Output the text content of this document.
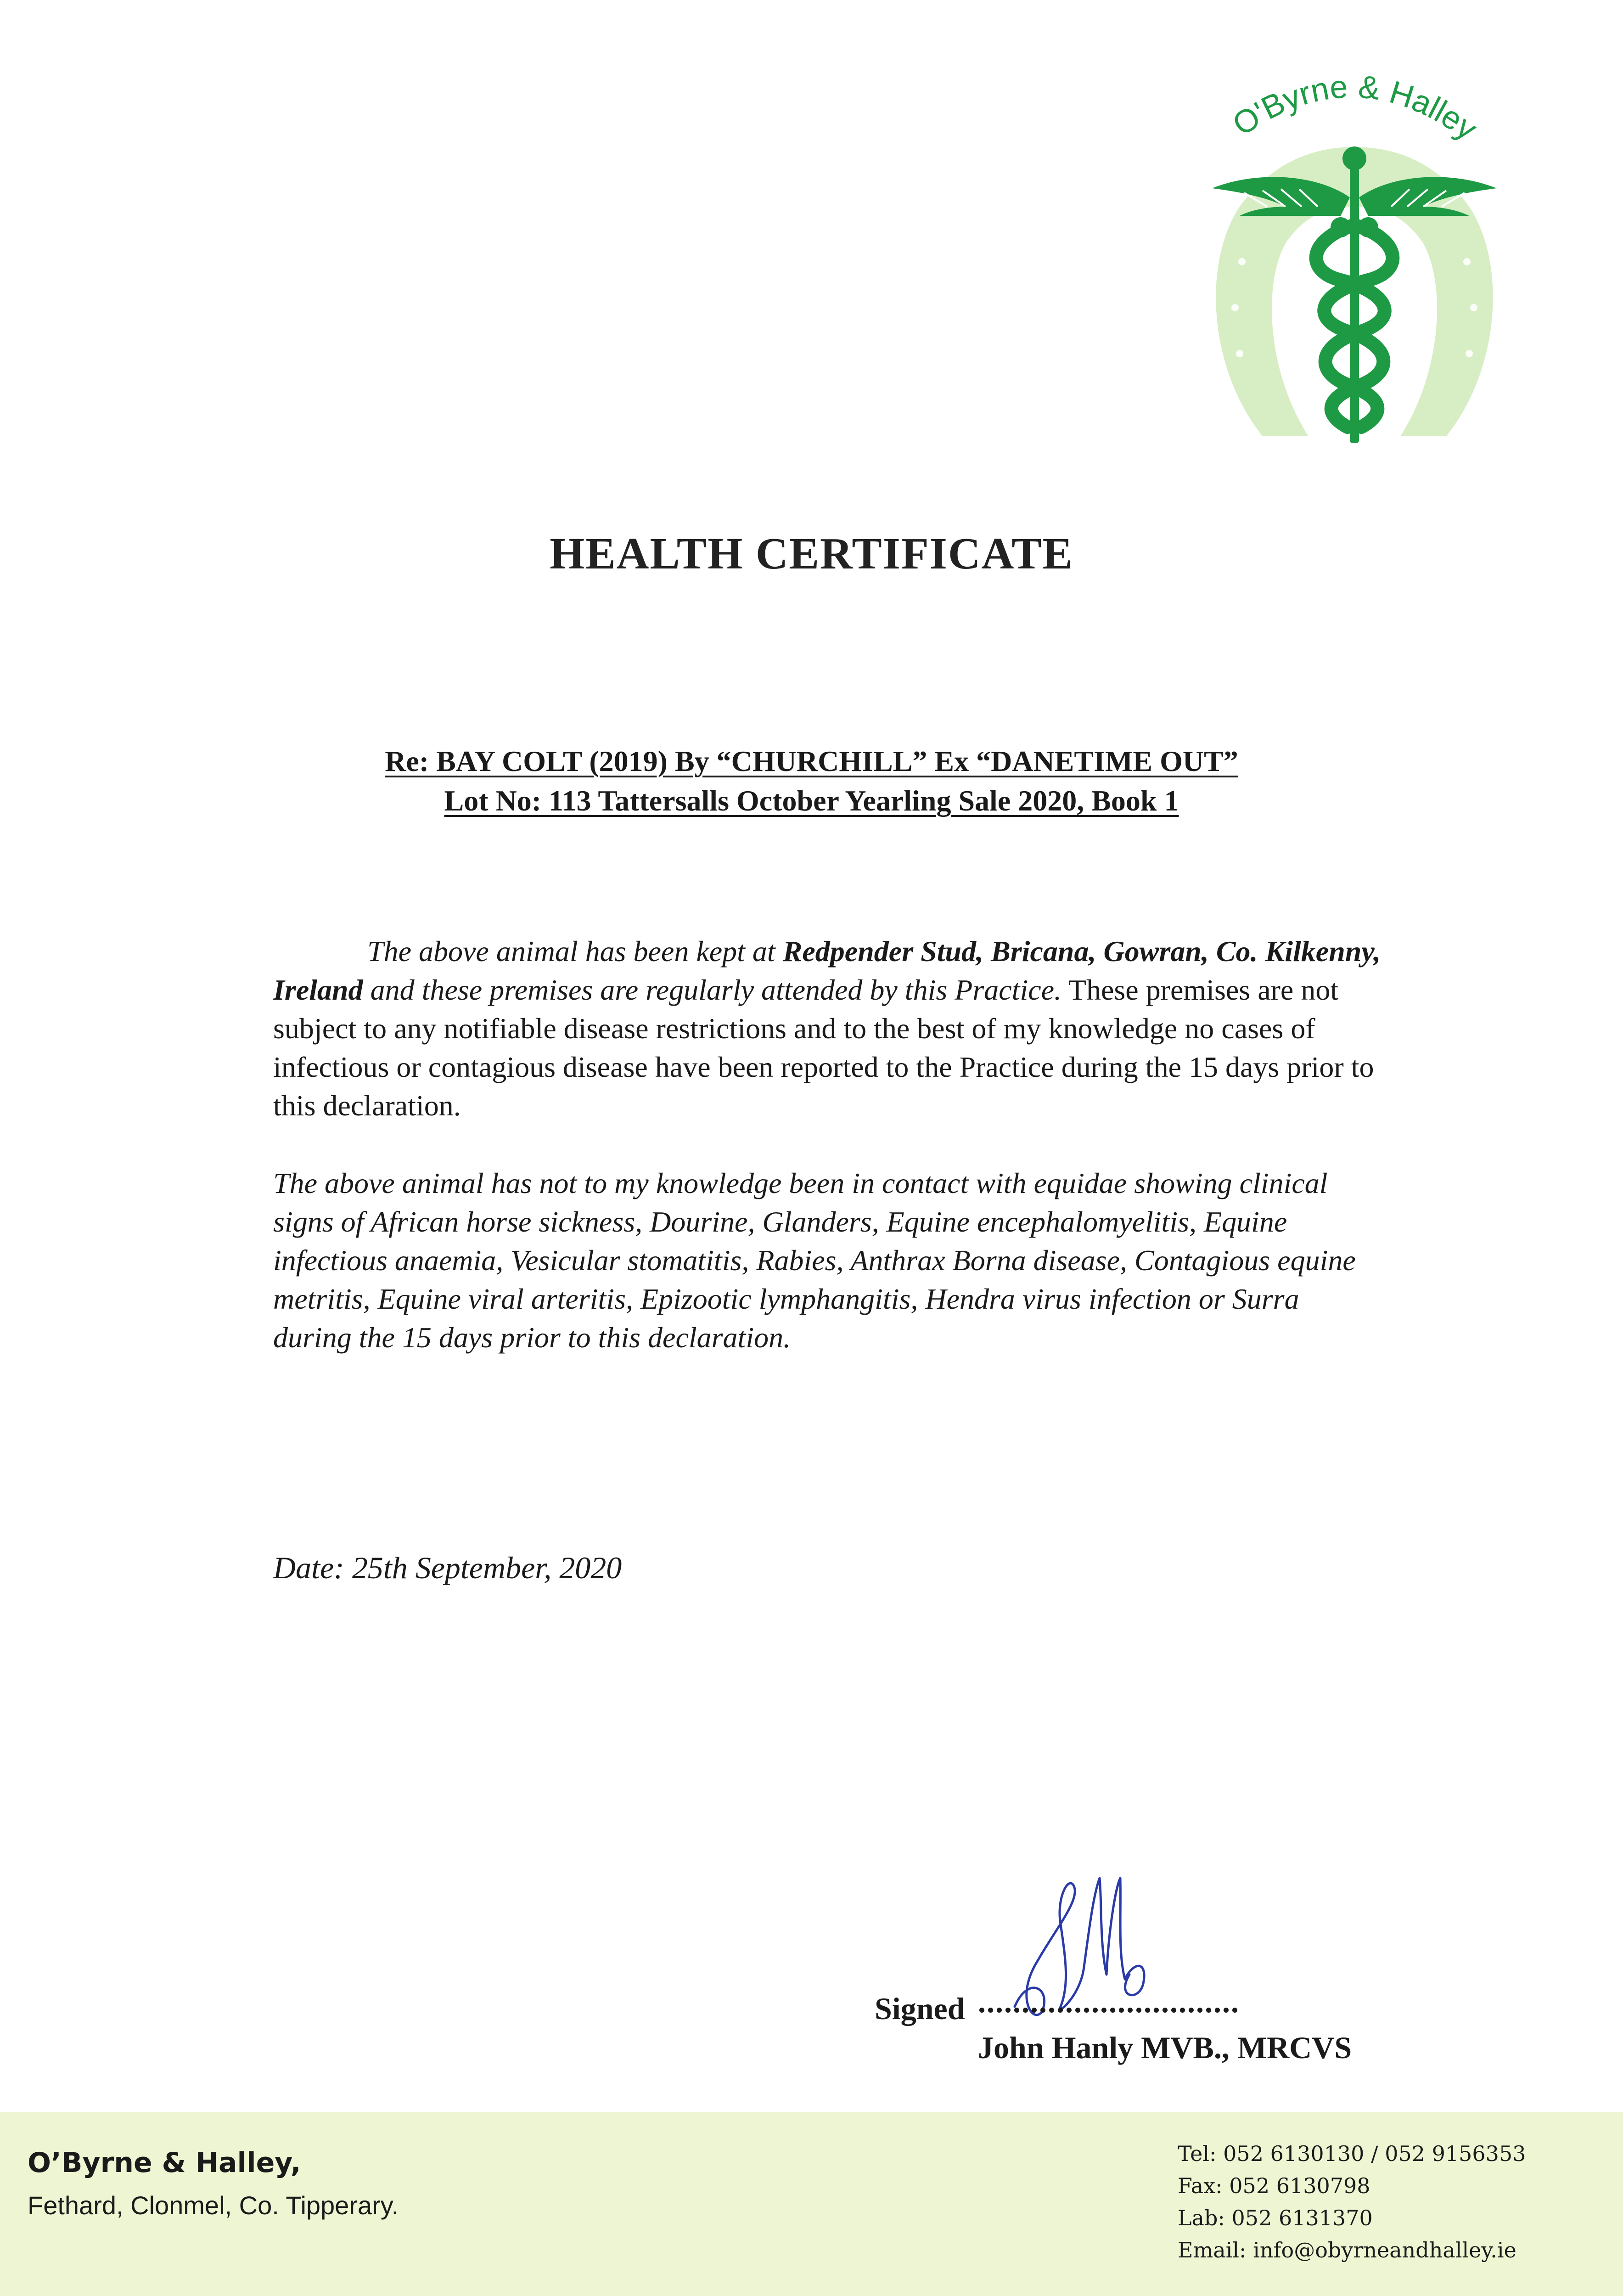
O'Byrne & Halley
HEALTH CERTIFICATE
Re: BAY COLT (2019) By “CHURCHILL” Ex “DANETIME OUT”
Lot No: 113 Tattersalls October Yearling Sale 2020, Book 1

The above animal has been kept at Redpender Stud, Bricana, Gowran, Co. Kilkenny, Ireland and these premises are regularly attended by this Practice. These premises are not subject to any notifiable disease restrictions and to the best of my knowledge no cases of infectious or contagious disease have been reported to the Practice during the 15 days prior to this declaration.

The above animal has not to my knowledge been in contact with equidae showing clinical signs of African horse sickness, Dourine, Glanders, Equine encephalomyelitis, Equine infectious anaemia, Vesicular stomatitis, Rabies, Anthrax Borna disease, Contagious equine metritis, Equine viral arteritis, Epizootic lymphangitis, Hendra virus infection or Surra during the 15 days prior to this declaration.

Date: 25th September, 2020
Signed ..............................
John Hanly MVB., MRCVS
O’Byrne & Halley,
Fethard, Clonmel, Co. Tipperary.
Tel: 052 6130130 / 052 9156353
Fax: 052 6130798
Lab: 052 6131370
Email: info@obyrneandhalley.ie
